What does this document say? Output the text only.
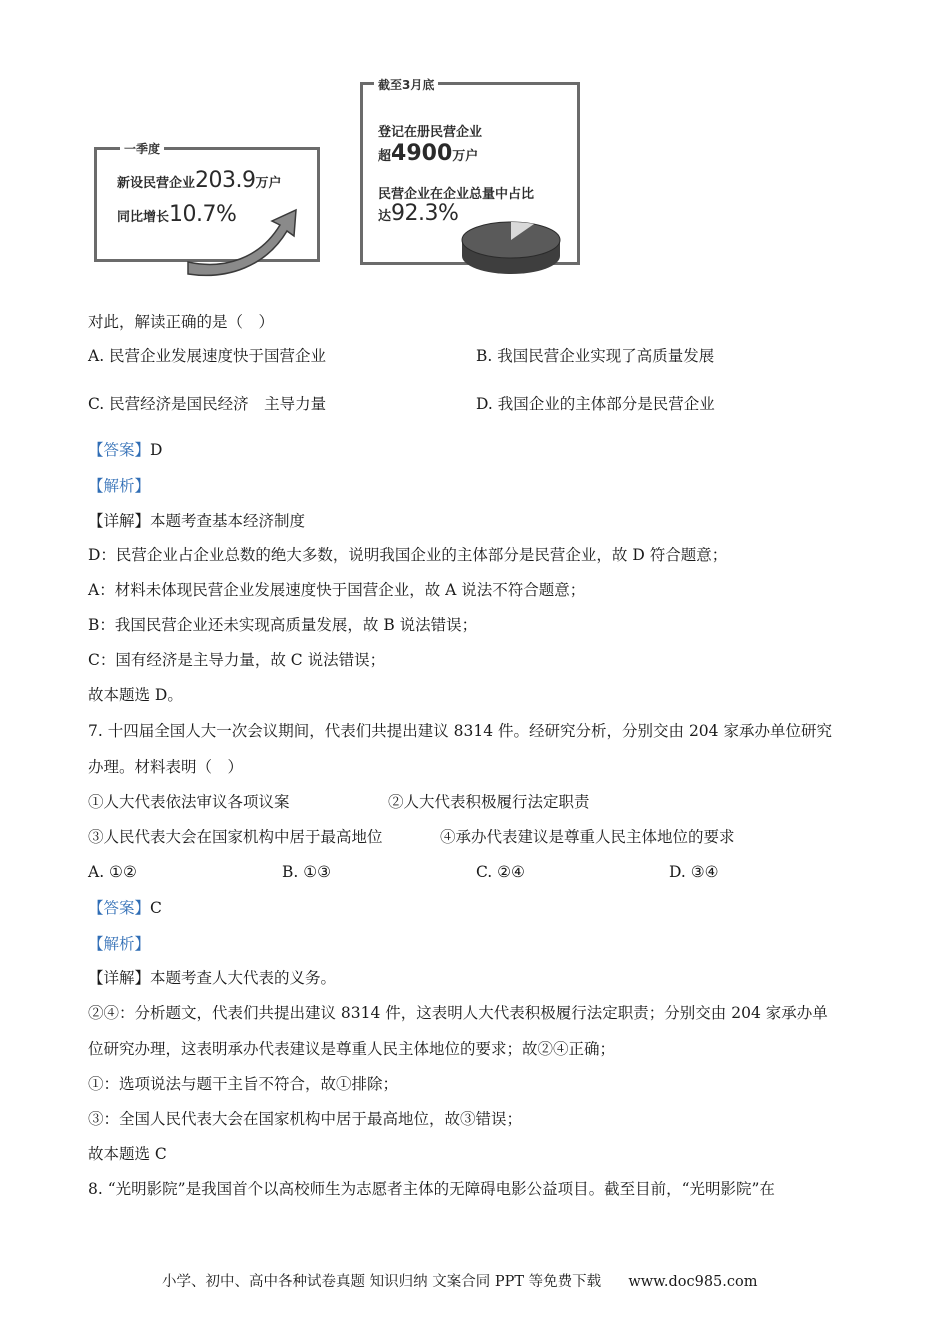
一季度
新设民营企业203.9万户
同比增长10.7%
截至3月底
登记在册民营企业
超4900万户
民营企业在企业总量中占比
达92.3%
对此，解读正确的是（　）
A. 民营企业发展速度快于国营企业	B. 我国民营企业实现了高质量发展
C. 民营经济是国民经济　主导力量	D. 我国企业的主体部分是民营企业
【答案】D
【解析】
【详解】本题考查基本经济制度
D：民营企业占企业总数的绝大多数，说明我国企业的主体部分是民营企业，故 D 符合题意；
A：材料未体现民营企业发展速度快于国营企业，故 A 说法不符合题意；
B：我国民营企业还未实现高质量发展，故 B 说法错误；
C：国有经济是主导力量，故 C 说法错误；
故本题选 D。
7. 十四届全国人大一次会议期间，代表们共提出建议 8314 件。经研究分析，分别交由 204 家承办单位研究
办理。材料表明（　）
①人大代表依法审议各项议案	②人大代表积极履行法定职责
③人民代表大会在国家机构中居于最高地位	④承办代表建议是尊重人民主体地位的要求
A. ①②	B. ①③	C. ②④	D. ③④
【答案】C
【解析】
【详解】本题考查人大代表的义务。
②④：分析题文，代表们共提出建议 8314 件，这表明人大代表积极履行法定职责；分别交由 204 家承办单
位研究办理，这表明承办代表建议是尊重人民主体地位的要求；故②④正确；
①：选项说法与题干主旨不符合，故①排除；
③：全国人民代表大会在国家机构中居于最高地位，故③错误；
故本题选 C
8. “光明影院”是我国首个以高校师生为志愿者主体的无障碍电影公益项目。截至目前，“光明影院”在
小学、初中、高中各种试卷真题 知识归纳 文案合同 PPT 等免费下载 www.doc985.com
